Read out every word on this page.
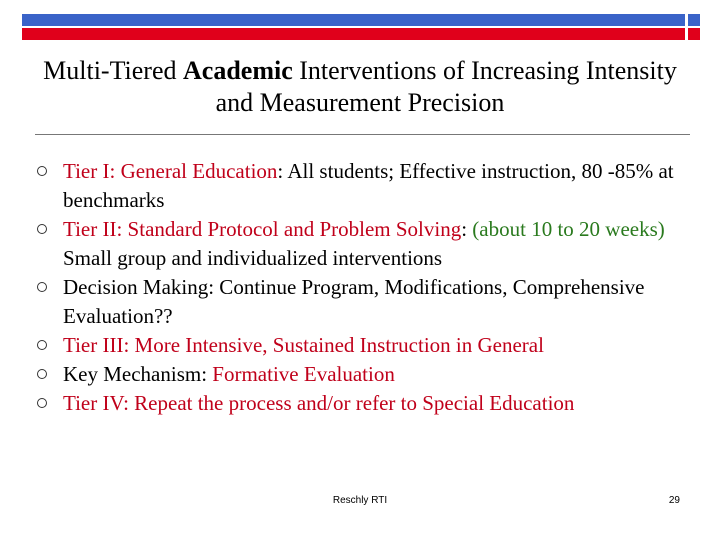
Multi-Tiered Academic Interventions of Increasing Intensity and Measurement Precision
Tier I: General Education: All students; Effective instruction, 80 -85% at benchmarks
Tier II: Standard Protocol and Problem Solving: (about 10 to 20 weeks) Small group and individualized interventions
Decision Making: Continue Program, Modifications, Comprehensive Evaluation??
Tier III: More Intensive, Sustained Instruction in General
Key Mechanism: Formative Evaluation
Tier IV: Repeat the process and/or refer to Special Education
Reschly RTI	29
